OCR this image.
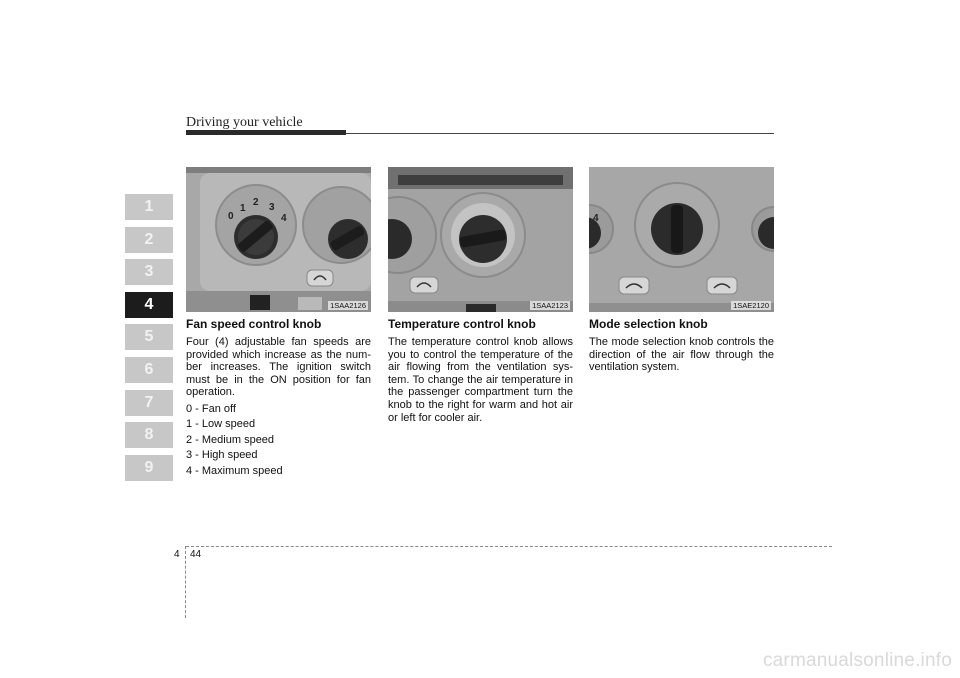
Driving your vehicle
1
2
3
4
5
6
7
8
9
0
1
2 3
4
1SAA2126
Fan speed control knob
Four (4) adjustable fan speeds are provided which increase as the num-ber increases. The ignition switch must be in the ON position for fan operation.
0 - Fan off
1 - Low speed
2 - Medium speed
3 - High speed
4 - Maximum speed
1SAA2123
Temperature control knob
The temperature control knob allows you to control the temperature of the air flowing from the ventilation sys-tem. To change the air temperature in the passenger compartment turn the knob to the right for warm and hot air or left for cooler air.
4
1SAE2120
Mode selection knob
The mode selection knob controls the direction of the air flow through the ventilation system.
4 44
carmanualsonline.info
